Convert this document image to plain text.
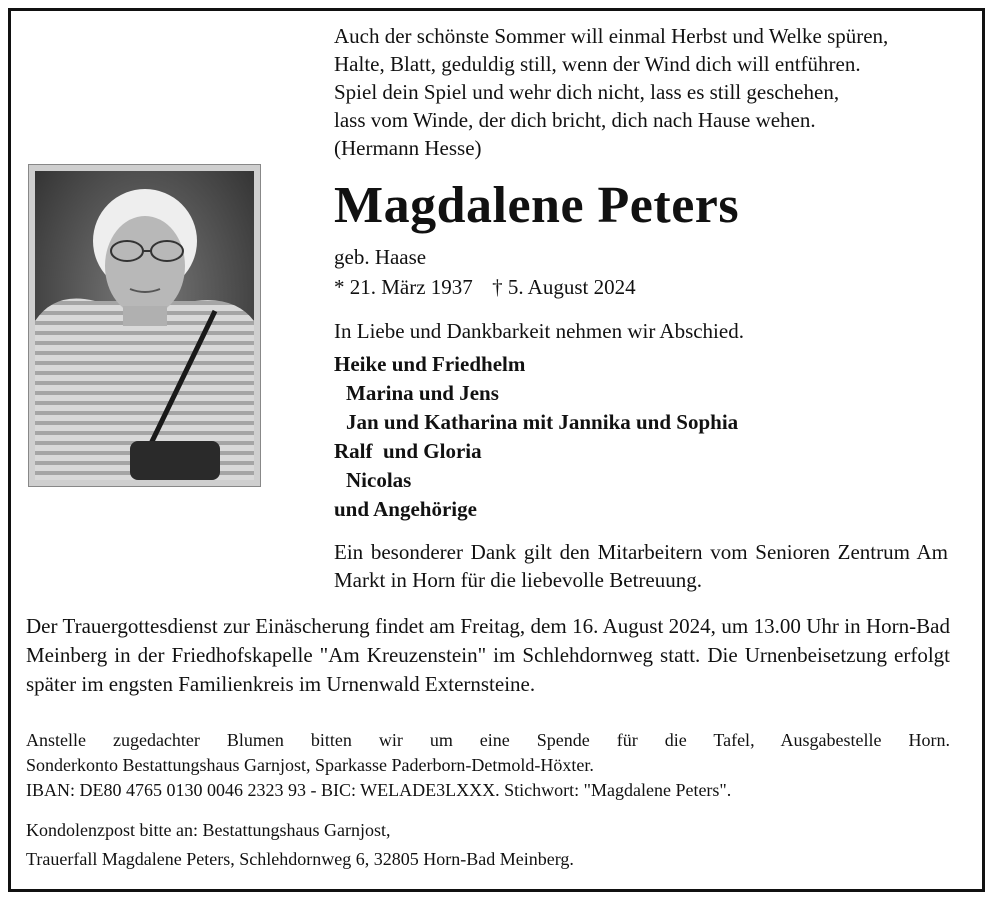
Auch der schönste Sommer will einmal Herbst und Welke spüren,
Halte, Blatt, geduldig still, wenn der Wind dich will entführen.
Spiel dein Spiel und wehr dich nicht, lass es still geschehen,
lass vom Winde, der dich bricht, dich nach Hause wehen.
(Hermann Hesse)
Magdalene Peters
geb. Haase
* 21. März 1937 † 5. August 2024
In Liebe und Dankbarkeit nehmen wir Abschied.
Heike und Friedhelm
Marina und Jens
Jan und Katharina mit Jannika und Sophia
Ralf  und Gloria
Nicolas
und Angehörige
Ein besonderer Dank gilt den Mitarbeitern vom Senioren Zentrum Am Markt in Horn für die liebevolle Betreuung.
Der Trauergottesdienst zur Einäscherung findet am Freitag, dem 16. August 2024, um 13.00 Uhr in Horn-Bad Meinberg in der Friedhofskapelle "Am Kreuzenstein" im Schlehdornweg statt. Die Urnenbeisetzung erfolgt später im engsten Familienkreis im Urnenwald Externsteine.
Anstelle zugedachter Blumen bitten wir um eine Spende für die Tafel, Ausgabestelle Horn.
Sonderkonto Bestattungshaus Garnjost, Sparkasse Paderborn-Detmold-Höxter.
IBAN: DE80 4765 0130 0046 2323 93 - BIC: WELADE3LXXX. Stichwort: "Magdalene Peters".
Kondolenzpost bitte an: Bestattungshaus Garnjost,
Trauerfall Magdalene Peters, Schlehdornweg 6, 32805 Horn-Bad Meinberg.
